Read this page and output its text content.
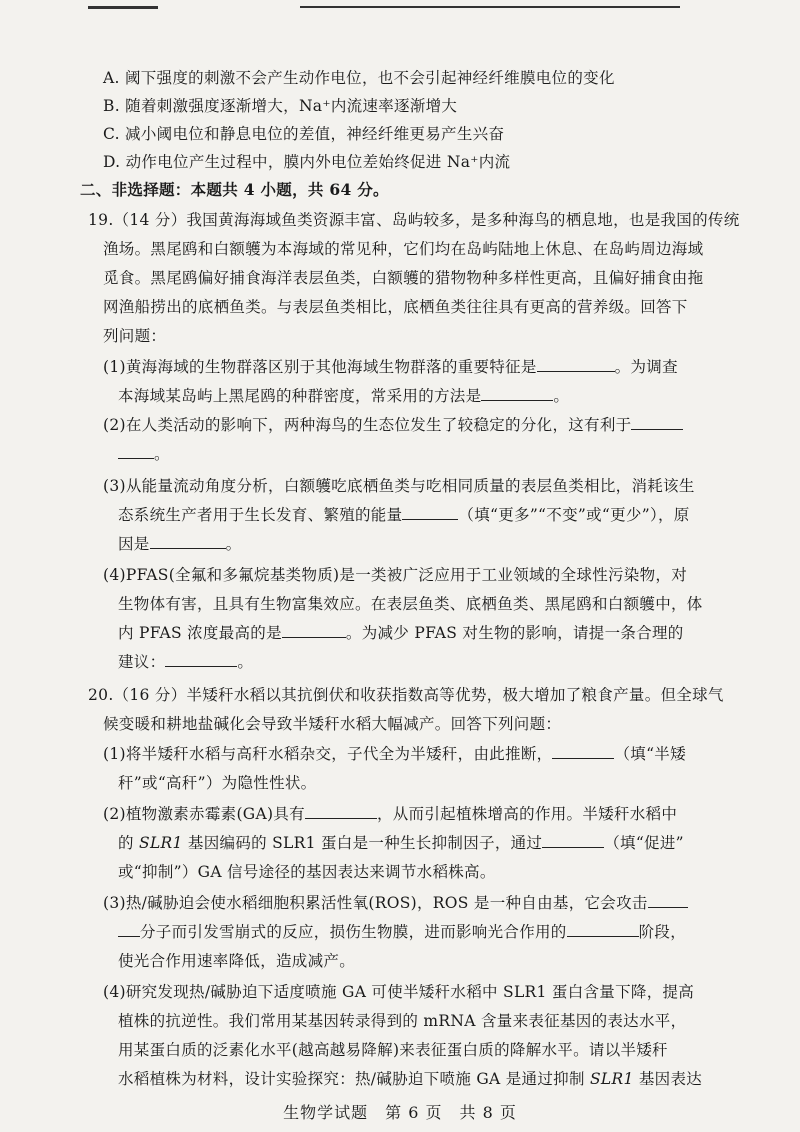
A. 阈下强度的刺激不会产生动作电位，也不会引起神经纤维膜电位的变化
B. 随着刺激强度逐渐增大，Na⁺内流速率逐渐增大
C. 减小阈电位和静息电位的差值，神经纤维更易产生兴奋
D. 动作电位产生过程中，膜内外电位差始终促进 Na⁺内流
二、非选择题：本题共 4 小题，共 64 分。
19.（14 分）我国黄海海域鱼类资源丰富、岛屿较多，是多种海鸟的栖息地，也是我国的传统
渔场。黑尾鸥和白额鹱为本海域的常见种，它们均在岛屿陆地上休息、在岛屿周边海域
觅食。黑尾鸥偏好捕食海洋表层鱼类，白额鹱的猎物物种多样性更高，且偏好捕食由拖
网渔船捞出的底栖鱼类。与表层鱼类相比，底栖鱼类往往具有更高的营养级。回答下
列问题：
(1)黄海海域的生物群落区别于其他海域生物群落的重要特征是	。为调查
本海域某岛屿上黑尾鸥的种群密度，常采用的方法是	。
(2)在人类活动的影响下，两种海鸟的生态位发生了较稳定的分化，这有利于
。
(3)从能量流动角度分析，白额鹱吃底栖鱼类与吃相同质量的表层鱼类相比，消耗该生
态系统生产者用于生长发育、繁殖的能量	（填“更多”“不变”或“更少”），原
因是	。
(4)PFAS(全氟和多氟烷基类物质)是一类被广泛应用于工业领域的全球性污染物，对
生物体有害，且具有生物富集效应。在表层鱼类、底栖鱼类、黑尾鸥和白额鹱中，体
内 PFAS 浓度最高的是	。为减少 PFAS 对生物的影响，请提一条合理的
建议：	。
20.（16 分）半矮秆水稻以其抗倒伏和收获指数高等优势，极大增加了粮食产量。但全球气
候变暖和耕地盐碱化会导致半矮秆水稻大幅减产。回答下列问题：
(1)将半矮秆水稻与高秆水稻杂交，子代全为半矮秆，由此推断，	（填“半矮
秆”或“高秆”）为隐性性状。
(2)植物激素赤霉素(GA)具有	，从而引起植株增高的作用。半矮秆水稻中
的 SLR1 基因编码的 SLR1 蛋白是一种生长抑制因子，通过	（填“促进”
或“抑制”）GA 信号途径的基因表达来调节水稻株高。
(3)热/碱胁迫会使水稻细胞积累活性氧(ROS)，ROS 是一种自由基，它会攻击
分子而引发雪崩式的反应，损伤生物膜，进而影响光合作用的	阶段，
使光合作用速率降低，造成减产。
(4)研究发现热/碱胁迫下适度喷施 GA 可使半矮秆水稻中 SLR1 蛋白含量下降，提高
植株的抗逆性。我们常用某基因转录得到的 mRNA 含量来表征基因的表达水平，
用某蛋白质的泛素化水平(越高越易降解)来表征蛋白质的降解水平。请以半矮秆
水稻植株为材料，设计实验探究：热/碱胁迫下喷施 GA 是通过抑制 SLR1 基因表达
生物学试题　第 6 页　共 8 页
